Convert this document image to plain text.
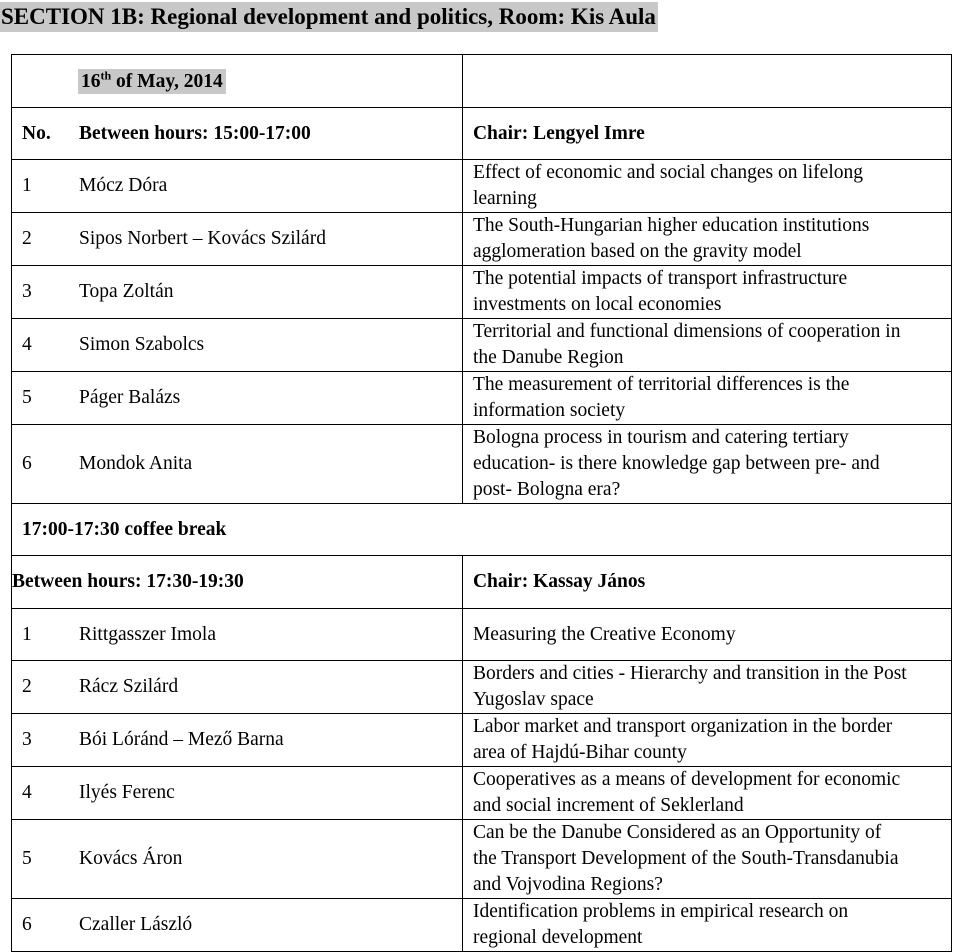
SECTION 1B: Regional development and politics, Room: Kis Aula
16th of May, 2014	
No. Between hours: 15:00-17:00	Chair: Lengyel Imre
1 Mócz Dóra	Effect of economic and social changes on lifelong
learning

2 Sipos Norbert – Kovács Szilárd	The South-Hungarian higher education institutions
agglomeration based on the gravity model

3 Topa Zoltán	The potential impacts of transport infrastructure
investments on local economies

4 Simon Szabolcs	Territorial and functional dimensions of cooperation in
the Danube Region

5 Páger Balázs	The measurement of territorial differences is the
information society

6 Mondok Anita	Bologna process in tourism and catering tertiary
education- is there knowledge gap between pre- and
post- Bologna era?

17:00-17:30 coffee break	
Between hours: 17:30-19:30	Chair: Kassay János
1 Rittgasszer Imola	Measuring the Creative Economy

2 Rácz Szilárd	Borders and cities - Hierarchy and transition in the Post
Yugoslav space

3 Bói Lóránd – Mező Barna	Labor market and transport organization in the border
area of Hajdú-Bihar county

4 Ilyés Ferenc	Cooperatives as a means of development for economic
and social increment of Seklerland

5 Kovács Áron	Can be the Danube Considered as an Opportunity of
the Transport Development of the South-Transdanubia
and Vojvodina Regions?

6 Czaller László	Identification problems in empirical research on
regional development
